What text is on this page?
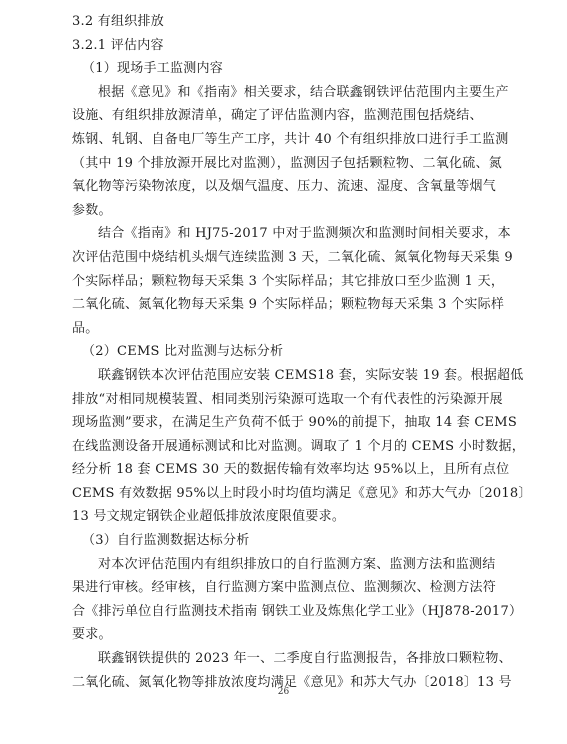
3.2 有组织排放
3.2.1 评估内容
（1）现场手工监测内容
根据《意见》和《指南》相关要求，结合联鑫钢铁评估范围内主要生产
设施、有组织排放源清单，确定了评估监测内容，监测范围包括烧结、
炼钢、轧钢、自备电厂等生产工序，共计 40 个有组织排放口进行手工监测
（其中 19 个排放源开展比对监测），监测因子包括颗粒物、二氧化硫、氮
氧化物等污染物浓度，以及烟气温度、压力、流速、湿度、含氧量等烟气
参数。
结合《指南》和 HJ75-2017 中对于监测频次和监测时间相关要求，本
次评估范围中烧结机头烟气连续监测 3 天，二氧化硫、氮氧化物每天采集 9
个实际样品；颗粒物每天采集 3 个实际样品；其它排放口至少监测 1 天，
二氧化硫、氮氧化物每天采集 9 个实际样品；颗粒物每天采集 3 个实际样
品。
（2）CEMS 比对监测与达标分析
联鑫钢铁本次评估范围应安装 CEMS18 套，实际安装 19 套。根据超低
排放“对相同规模装置、相同类别污染源可选取一个有代表性的污染源开展
现场监测”要求，在满足生产负荷不低于 90%的前提下，抽取 14 套 CEMS
在线监测设备开展通标测试和比对监测。调取了 1 个月的 CEMS 小时数据，
经分析 18 套 CEMS 30 天的数据传输有效率均达 95%以上，且所有点位
CEMS 有效数据 95%以上时段小时均值均满足《意见》和苏大气办〔2018〕
13 号文规定钢铁企业超低排放浓度限值要求。
（3）自行监测数据达标分析
对本次评估范围内有组织排放口的自行监测方案、监测方法和监测结
果进行审核。经审核，自行监测方案中监测点位、监测频次、检测方法符
合《排污单位自行监测技术指南 钢铁工业及炼焦化学工业》（HJ878-2017）
要求。
联鑫钢铁提供的 2023 年一、二季度自行监测报告，各排放口颗粒物、
二氧化硫、氮氧化物等排放浓度均满足《意见》和苏大气办〔2018〕13 号
26
